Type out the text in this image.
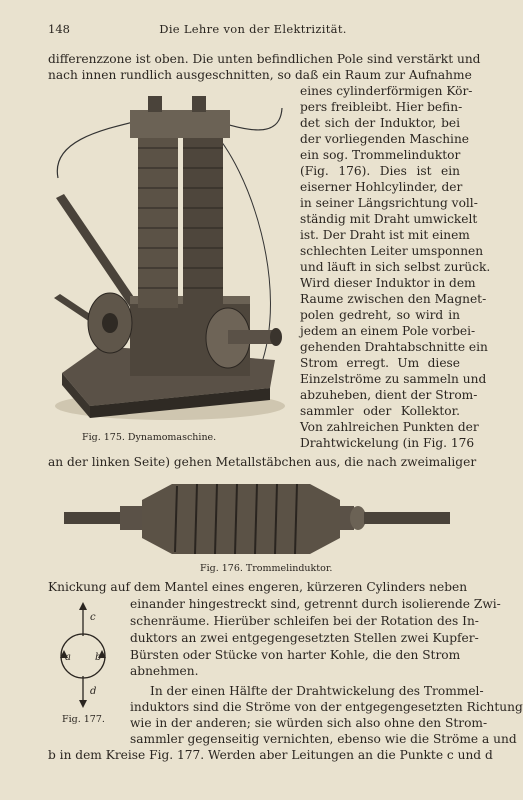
148	Die Lehre von der Elektrizität.
differenzzone ist oben. Die unten befindlichen Pole sind verstärkt und
nach innen rundlich ausgeschnitten, so daß ein Raum zur Aufnahme
Fig. 175. Dynamomaschine.
eines cylinderförmigen Kör-
pers freibleibt. Hier befin-
det sich der Induktor, bei
der vorliegenden Maschine
ein sog. Trommelinduktor
(Fig. 176). Dies ist ein
eiserner Hohlcylinder, der
in seiner Längsrichtung voll-
ständig mit Draht umwickelt
ist. Der Draht ist mit einem
schlechten Leiter umsponnen
und läuft in sich selbst zurück.
Wird dieser Induktor in dem
Raume zwischen den Magnet-
polen gedreht, so wird in
jedem an einem Pole vorbei-
gehenden Drahtabschnitte ein
Strom erregt. Um diese
Einzelströme zu sammeln und
abzuheben, dient der Strom-
sammler oder Kollektor.
Von zahlreichen Punkten der
Drahtwickelung (in Fig. 176
an der linken Seite) gehen Metallstäbchen aus, die nach zweimaliger
Fig. 176. Trommelinduktor.
Knickung auf dem Mantel eines engeren, kürzeren Cylinders neben
c
a b
d
Fig. 177.
einander hingestreckt sind, getrennt durch isolierende Zwi-
schenräume. Hierüber schleifen bei der Rotation des In-
duktors an zwei entgegengesetzten Stellen zwei Kupfer-
Bürsten oder Stücke von harter Kohle, die den Strom
abnehmen.
In der einen Hälfte der Drahtwickelung des Trommel-
induktors sind die Ströme von der entgegengesetzten Richtung
wie in der anderen; sie würden sich also ohne den Strom-
sammler gegenseitig vernichten, ebenso wie die Ströme a und
b in dem Kreise Fig. 177. Werden aber Leitungen an die Punkte c und d
